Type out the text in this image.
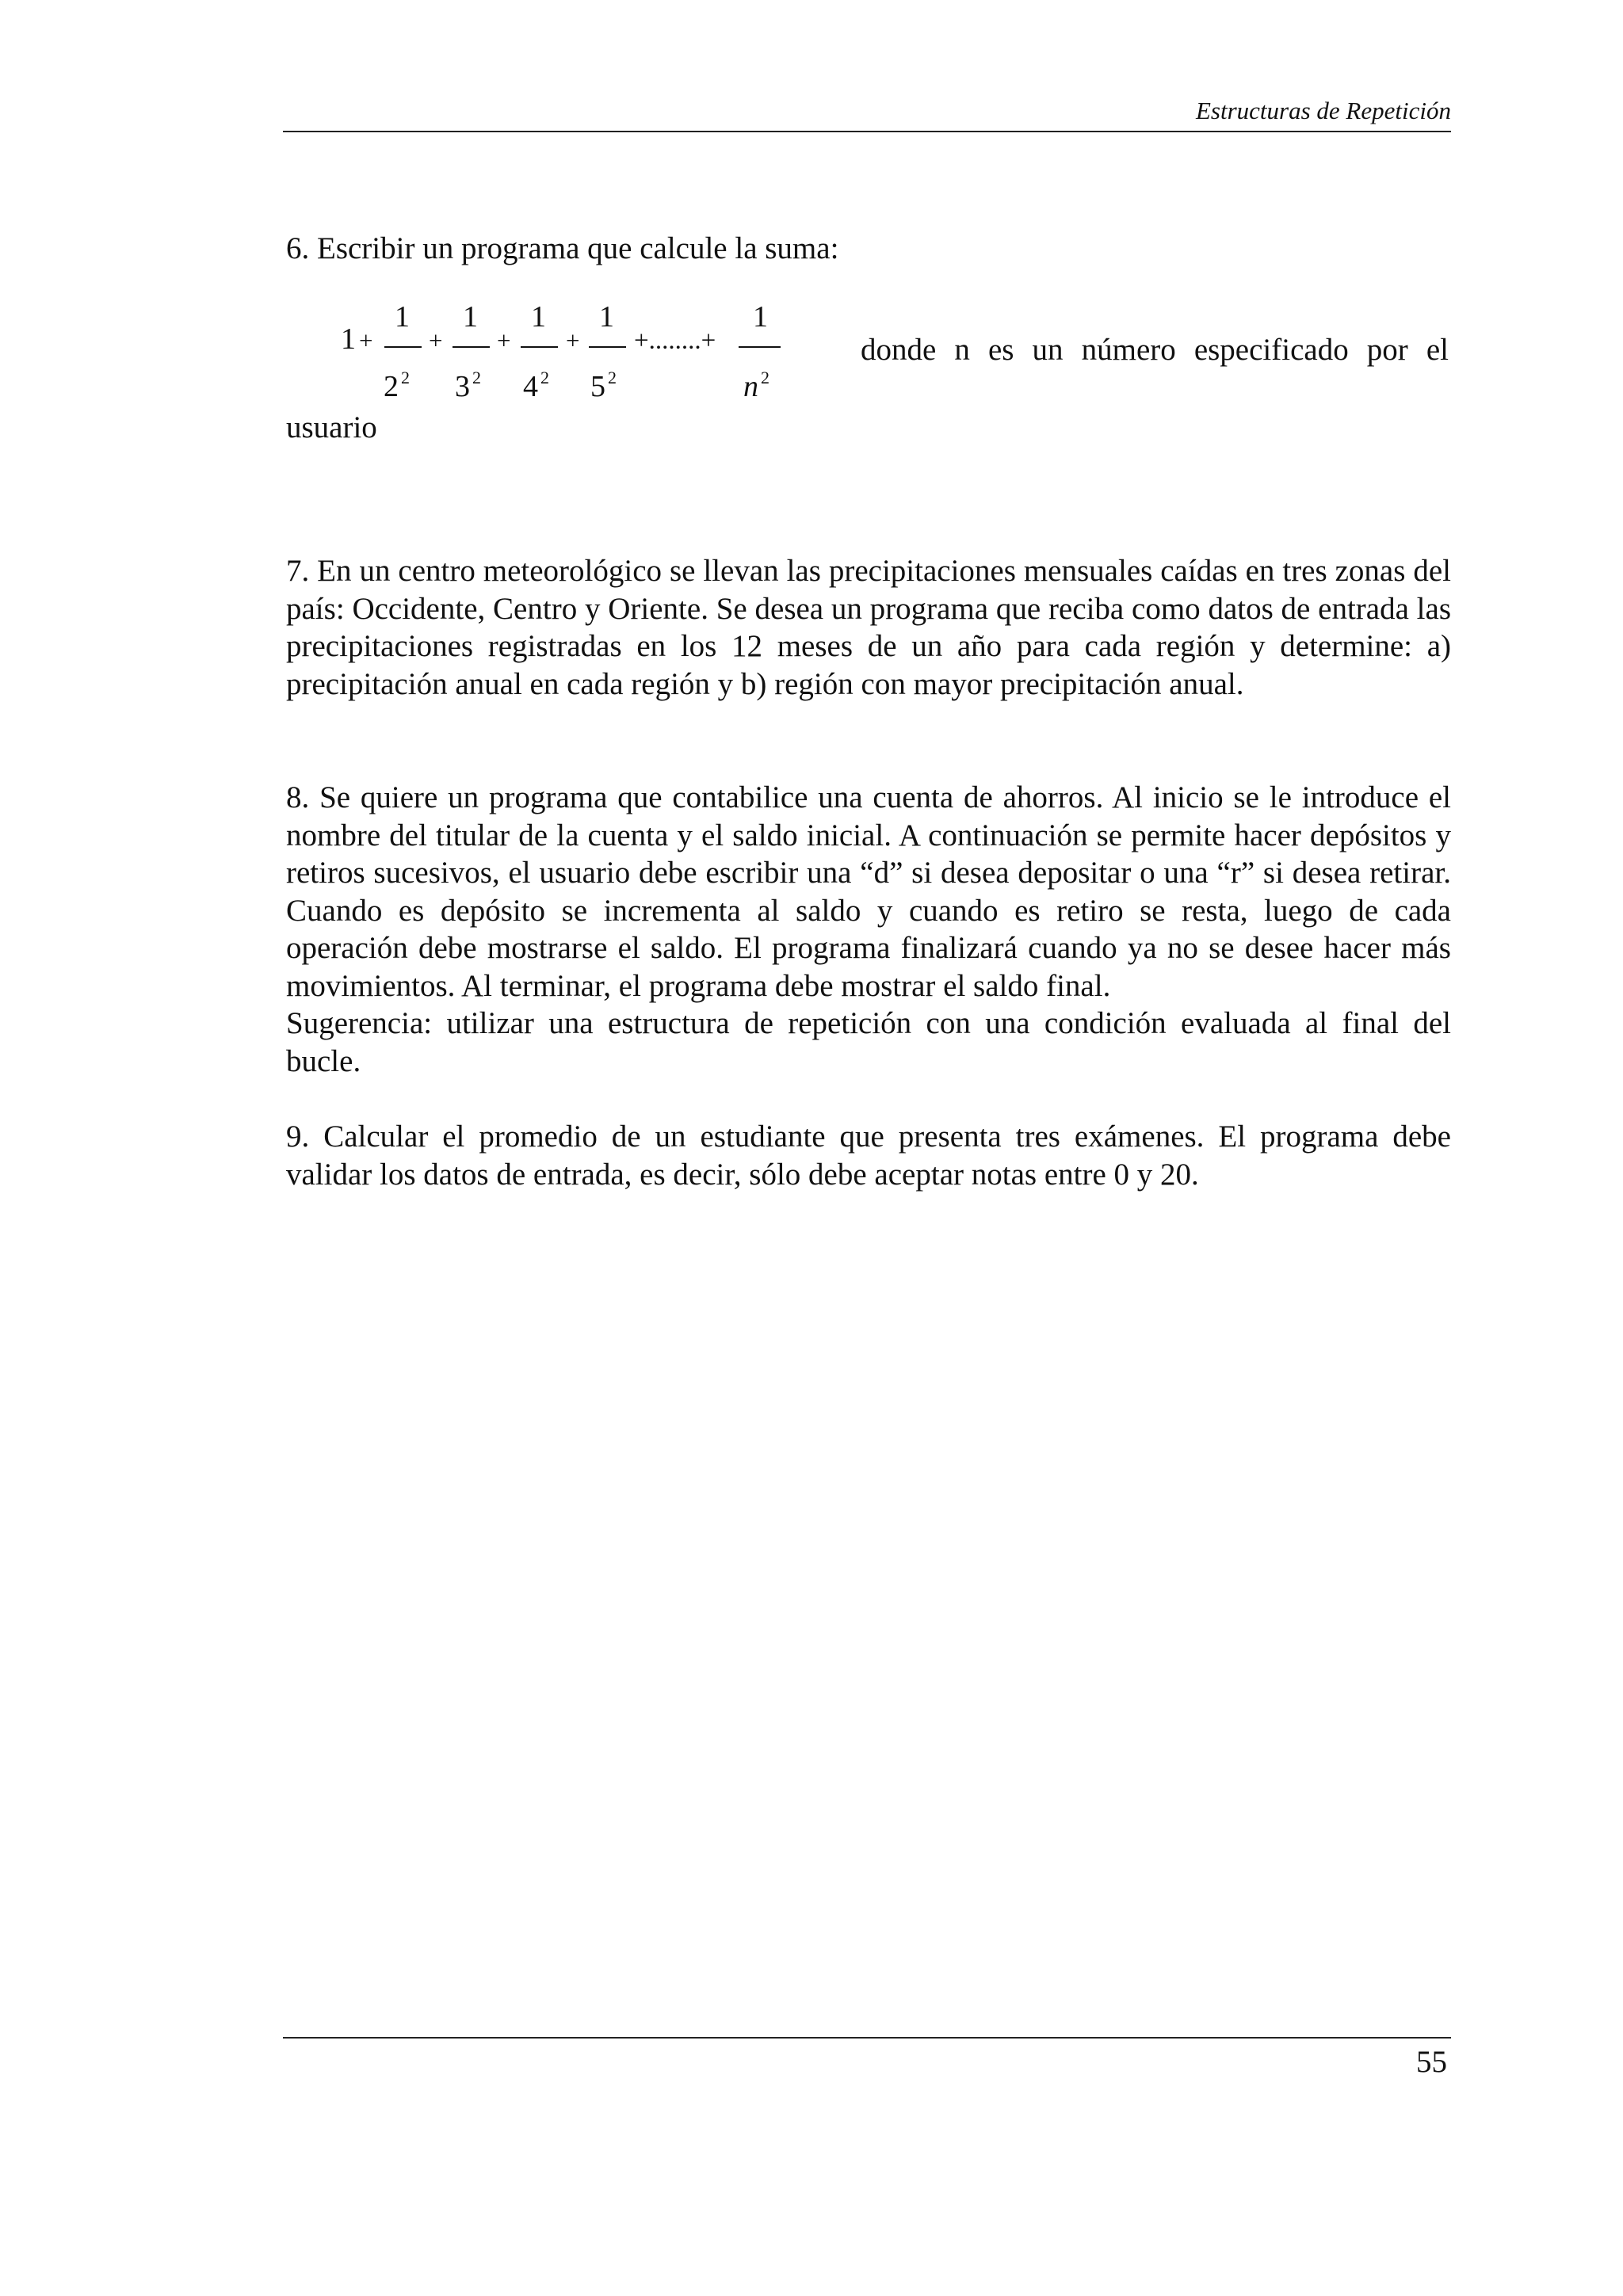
Estructuras de Repetición

6. Escribir un programa que calcule la suma:

1 +
1
2 2
+
1
3 2
+
1
4 2
+
1
5 2
+........+
1
n 2
donde n es un número especificado por el
usuario

7. En un centro meteorológico se llevan las precipitaciones mensuales caídas en tres zonas del país: Occidente, Centro y Oriente. Se desea un programa que reciba como datos de entrada las precipitaciones registradas en los 12 meses de un año para cada región y determine: a) precipitación anual en cada región y b) región con mayor precipitación anual.

8. Se quiere un programa que contabilice una cuenta de ahorros. Al inicio se le introduce el nombre del titular de la cuenta y el saldo inicial. A continuación se permite hacer depósitos y retiros sucesivos, el usuario debe escribir una “d” si desea depositar o una “r” si desea retirar. Cuando es depósito se incrementa al saldo y cuando es retiro se resta, luego de cada operación debe mostrarse el saldo. El programa finalizará cuando ya no se desee hacer más movimientos. Al terminar, el programa debe mostrar el saldo final.
Sugerencia: utilizar una estructura de repetición con una condición evaluada al final del bucle.

9. Calcular el promedio de un estudiante que presenta tres exámenes. El programa debe validar los datos de entrada, es decir, sólo debe aceptar notas entre 0 y 20.

55
